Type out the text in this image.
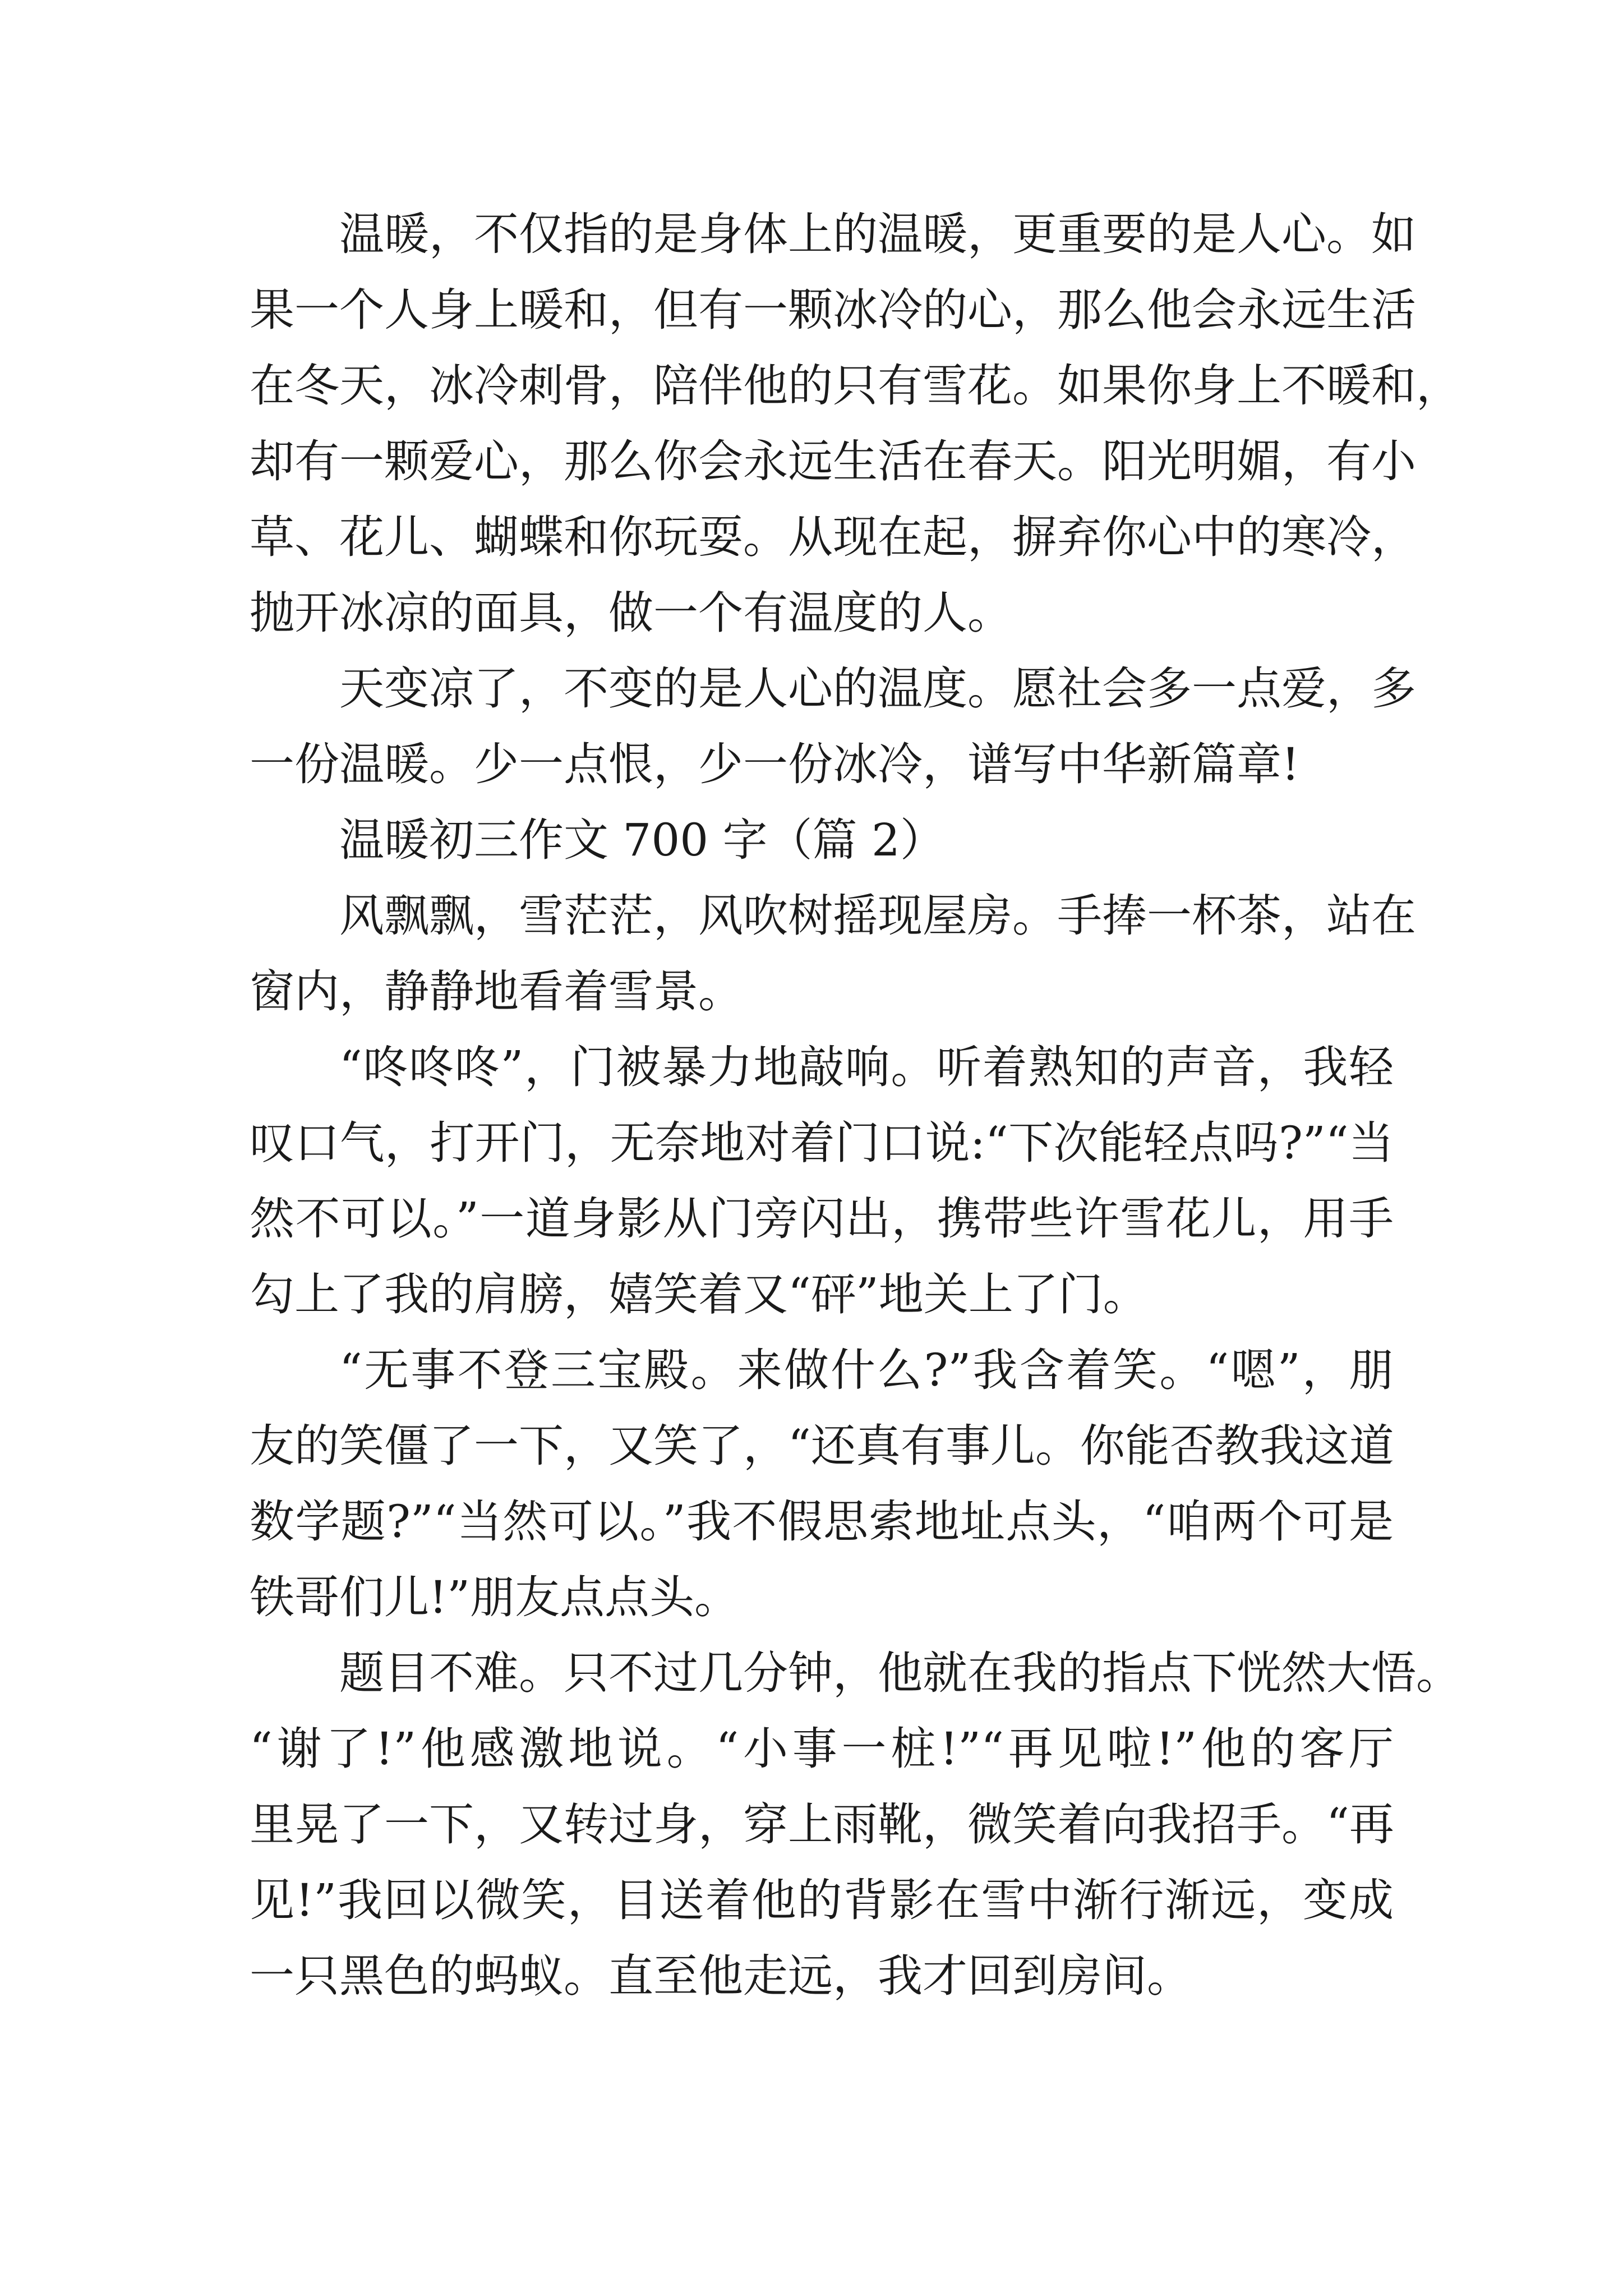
温暖，不仅指的是身体上的温暖，更重要的是人心。如
果一个人身上暖和，但有一颗冰冷的心，那么他会永远生活
在冬天，冰冷刺骨，陪伴他的只有雪花。如果你身上不暖和，
却有一颗爱心，那么你会永远生活在春天。阳光明媚，有小
草、花儿、蝴蝶和你玩耍。从现在起，摒弃你心中的寒冷，
抛开冰凉的面具，做一个有温度的人。

天变凉了，不变的是人心的温度。愿社会多一点爱，多
一份温暖。少一点恨，少一份冰冷，谱写中华新篇章!

温暖初三作文 700 字（篇 2）

风飘飘，雪茫茫，风吹树摇现屋房。手捧一杯茶，站在
窗内，静静地看着雪景。

“咚咚咚”，门被暴力地敲响。听着熟知的声音，我轻
叹口气，打开门，无奈地对着门口说:“下次能轻点吗?”“当
然不可以。”一道身影从门旁闪出，携带些许雪花儿，用手
勾上了我的肩膀，嬉笑着又“砰”地关上了门。

“无事不登三宝殿。来做什么?”我含着笑。“嗯”，朋
友的笑僵了一下，又笑了，“还真有事儿。你能否教我这道
数学题?”“当然可以。”我不假思索地址点头，“咱两个可是
铁哥们儿!”朋友点点头。

题目不难。只不过几分钟，他就在我的指点下恍然大悟。
“谢了!”他感激地说。“小事一桩!”“再见啦!”他的客厅
里晃了一下，又转过身，穿上雨靴，微笑着向我招手。“再
见!”我回以微笑，目送着他的背影在雪中渐行渐远，变成
一只黑色的蚂蚁。直至他走远，我才回到房间。
